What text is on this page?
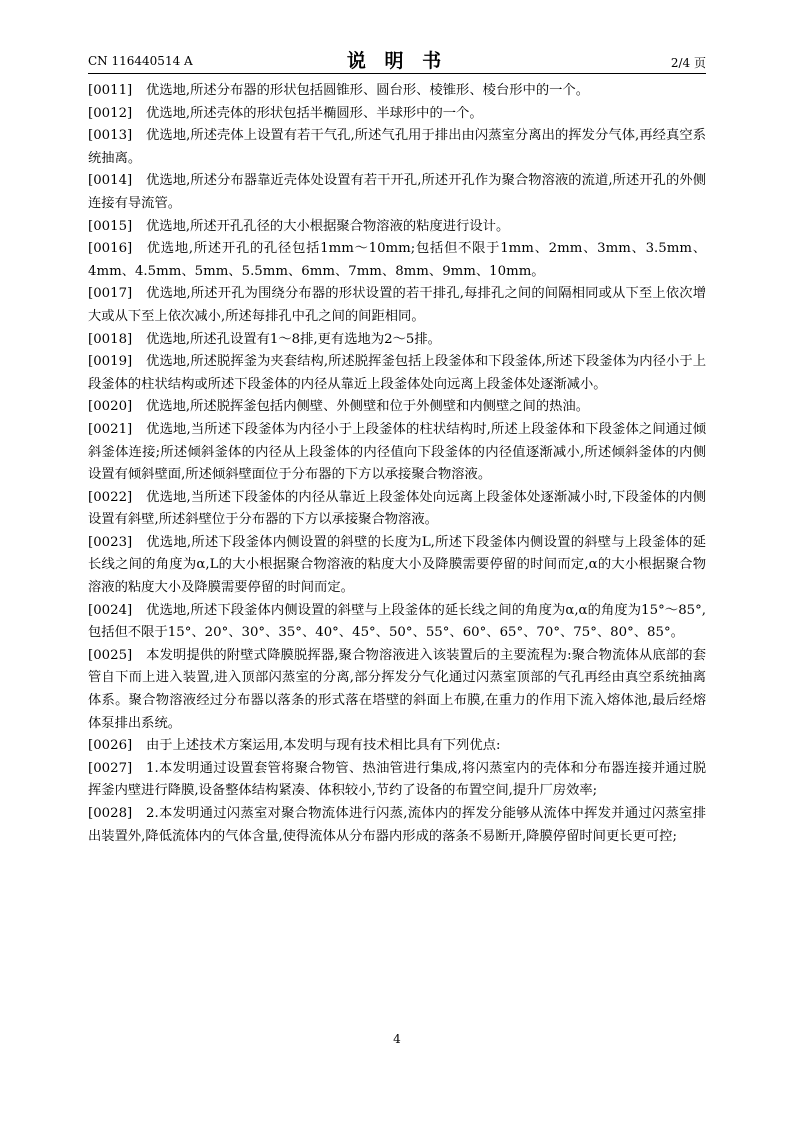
CN 116440514 A	说 明 书	2/4 页

[0011] 优选地,所述分布器的形状包括圆锥形、圆台形、棱锥形、棱台形中的一个。

[0012] 优选地,所述壳体的形状包括半椭圆形、半球形中的一个。

[0013] 优选地,所述壳体上设置有若干气孔,所述气孔用于排出由闪蒸室分离出的挥发分气体,再经真空系统抽离。

[0014] 优选地,所述分布器靠近壳体处设置有若干开孔,所述开孔作为聚合物溶液的流道,所述开孔的外侧连接有导流管。

[0015] 优选地,所述开孔孔径的大小根据聚合物溶液的粘度进行设计。

[0016] 优选地,所述开孔的孔径包括1mm～10mm;包括但不限于1mm、2mm、3mm、3.5mm、4mm、4.5mm、5mm、5.5mm、6mm、7mm、8mm、9mm、10mm。

[0017] 优选地,所述开孔为围绕分布器的形状设置的若干排孔,每排孔之间的间隔相同或从下至上依次增大或从下至上依次减小,所述每排孔中孔之间的间距相同。

[0018] 优选地,所述孔设置有1～8排,更有选地为2～5排。

[0019] 优选地,所述脱挥釜为夹套结构,所述脱挥釜包括上段釜体和下段釜体,所述下段釜体为内径小于上段釜体的柱状结构或所述下段釜体的内径从靠近上段釜体处向远离上段釜体处逐渐减小。

[0020] 优选地,所述脱挥釜包括内侧壁、外侧壁和位于外侧壁和内侧壁之间的热油。

[0021] 优选地,当所述下段釜体为内径小于上段釜体的柱状结构时,所述上段釜体和下段釜体之间通过倾斜釜体连接;所述倾斜釜体的内径从上段釜体的内径值向下段釜体的内径值逐渐减小,所述倾斜釜体的内侧设置有倾斜壁面,所述倾斜壁面位于分布器的下方以承接聚合物溶液。

[0022] 优选地,当所述下段釜体的内径从靠近上段釜体处向远离上段釜体处逐渐减小时,下段釜体的内侧设置有斜壁,所述斜壁位于分布器的下方以承接聚合物溶液。

[0023] 优选地,所述下段釜体内侧设置的斜壁的长度为L,所述下段釜体内侧设置的斜壁与上段釜体的延长线之间的角度为α,L的大小根据聚合物溶液的粘度大小及降膜需要停留的时间而定,α的大小根据聚合物溶液的粘度大小及降膜需要停留的时间而定。

[0024] 优选地,所述下段釜体内侧设置的斜壁与上段釜体的延长线之间的角度为α,α的角度为15°～85°,包括但不限于15°、20°、30°、35°、40°、45°、50°、55°、60°、65°、70°、75°、80°、85°。

[0025] 本发明提供的附壁式降膜脱挥器,聚合物溶液进入该装置后的主要流程为:聚合物流体从底部的套管自下而上进入装置,进入顶部闪蒸室的分离,部分挥发分气化通过闪蒸室顶部的气孔再经由真空系统抽离体系。聚合物溶液经过分布器以落条的形式落在塔壁的斜面上布膜,在重力的作用下流入熔体池,最后经熔体泵排出系统。

[0026] 由于上述技术方案运用,本发明与现有技术相比具有下列优点:

[0027] 1.本发明通过设置套管将聚合物管、热油管进行集成,将闪蒸室内的壳体和分布器连接并通过脱挥釜内壁进行降膜,设备整体结构紧凑、体积较小,节约了设备的布置空间,提升厂房效率;

[0028] 2.本发明通过闪蒸室对聚合物流体进行闪蒸,流体内的挥发分能够从流体中挥发并通过闪蒸室排出装置外,降低流体内的气体含量,使得流体从分布器内形成的落条不易断开,降膜停留时间更长更可控;

4
